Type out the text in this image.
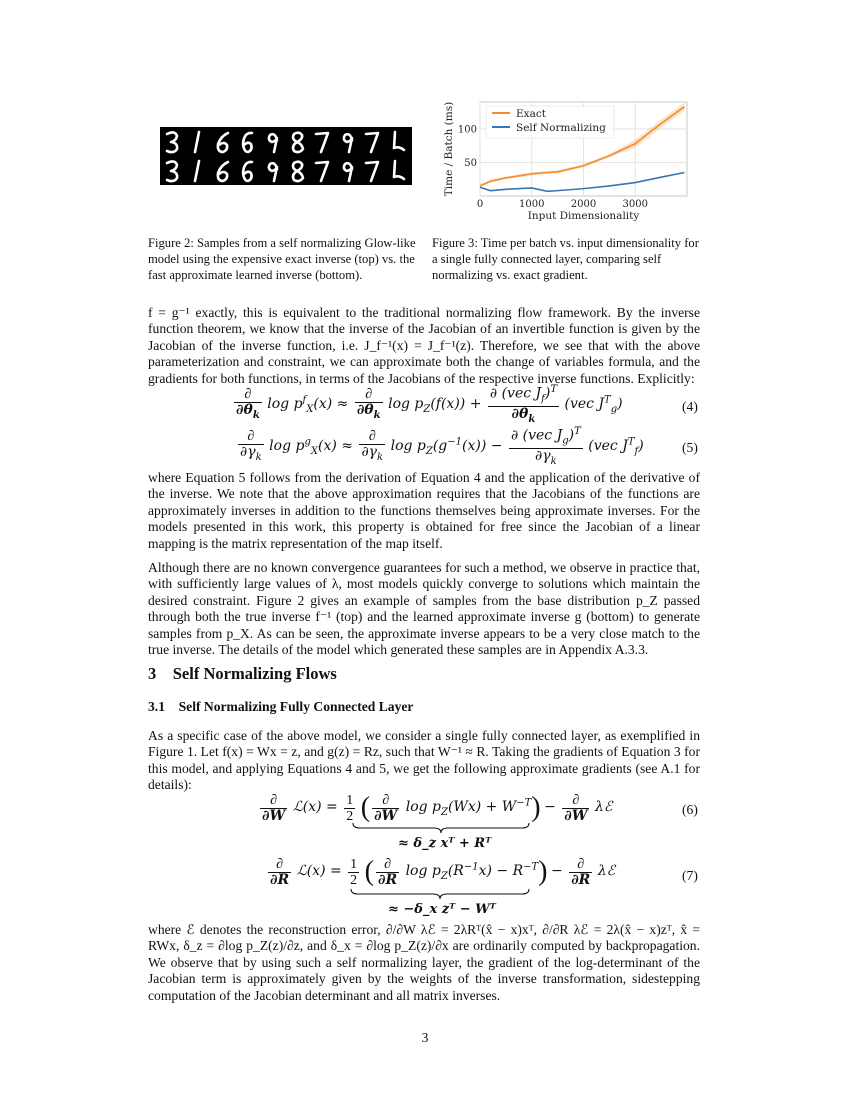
0	1000	2000	3000
50
100
Exact
Self Normalizing
Input Dimensionality
Time / Batch (ms)
Figure 2: Samples from a self normalizing Glow-like model using the expensive exact inverse (top) vs. the fast approximate learned inverse (bottom).
Figure 3: Time per batch vs. input dimensionality for a single fully connected layer, comparing self normalizing vs. exact gradient.
f = g⁻¹ exactly, this is equivalent to the traditional normalizing flow framework. By the inverse function theorem, we know that the inverse of the Jacobian of an invertible function is given by the Jacobian of the inverse function, i.e. J_f⁻¹(x) = J_f⁻¹(z). Therefore, we see that with the above parameterization and constraint, we can approximate both the change of variables formula, and the gradients for both functions, in terms of the Jacobians of the respective inverse functions. Explicitly:
$\frac{\partial}{\partial\theta_k}$ $\log p^f_X(x) \approx \frac{\partial}{\partial\theta_k}$ $\log p_Z(f(x)) + \frac{\partial (vec J_f)^T}{\partial\theta_k} (vec$ $J^T_g$)	(4)
$\frac{\partial}{\partial\gamma_k}$ $\log p^g_X(x) \approx \frac{\partial}{\partial\gamma_k}$ $\log p_Z(g^{-1}(x)) - \frac{\partial (vec J_g)^T}{\partial\gamma_k} (vec$ $J^T_f$)	(5)
where Equation 5 follows from the derivation of Equation 4 and the application of the derivative of the inverse. We note that the above approximation requires that the Jacobians of the functions are approximately inverses in addition to the functions themselves being approximate inverses. For the models presented in this work, this property is obtained for free since the Jacobian of a linear mapping is the matrix representation of the map itself.
Although there are no known convergence guarantees for such a method, we observe in practice that, with sufficiently large values of λ, most models quickly converge to solutions which maintain the desired constraint. Figure 2 gives an example of samples from the base distribution p_Z passed through both the true inverse f⁻¹ (top) and the learned approximate inverse g (bottom) to generate samples from p_X. As can be seen, the approximate inverse appears to be a very close match to the true inverse. The details of the model which generated these samples are in Appendix A.3.3.
3 Self Normalizing Flows
3.1 Self Normalizing Fully Connected Layer
As a specific case of the above model, we consider a single fully connected layer, as exemplified in Figure 1. Let f(x) = Wx = z, and g(z) = Rz, such that W⁻¹ ≈ R. Taking the gradients of Equation 3 for this model, and applying Equations 4 and 5, we get the following approximate gradients (see A.1 for details):
$\frac{\partial}{\partial W}$ ℒ(x) = $\frac{1}{2}$ ( $\frac{\partial}{\partial W}$ $\log p_Z(Wx) + W^{-T}) - \frac{\partial}{\partial W}$ λℰ
≈ δ_z xᵀ + Rᵀ
(6)
$\frac{\partial}{\partial R}$ ℒ(x) = $\frac{1}{2}$ ( $\frac{\partial}{\partial R}$ $\log p_Z(R^{-1}x) - R^{-T}) - \frac{\partial}{\partial R}$ λℰ
≈ −δ_x zᵀ − Wᵀ
(7)
where ℰ denotes the reconstruction error, ∂/∂W λℰ = 2λRᵀ(x̂ − x)xᵀ, ∂/∂R λℰ = 2λ(x̂ − x)zᵀ, x̂ = RWx, δ_z = ∂log p_Z(z)/∂z, and δ_x = ∂log p_Z(z)/∂x are ordinarily computed by backpropagation. We observe that by using such a self normalizing layer, the gradient of the log-determinant of the Jacobian term is approximately given by the weights of the inverse transformation, sidestepping computation of the Jacobian determinant and all matrix inverses.
3
